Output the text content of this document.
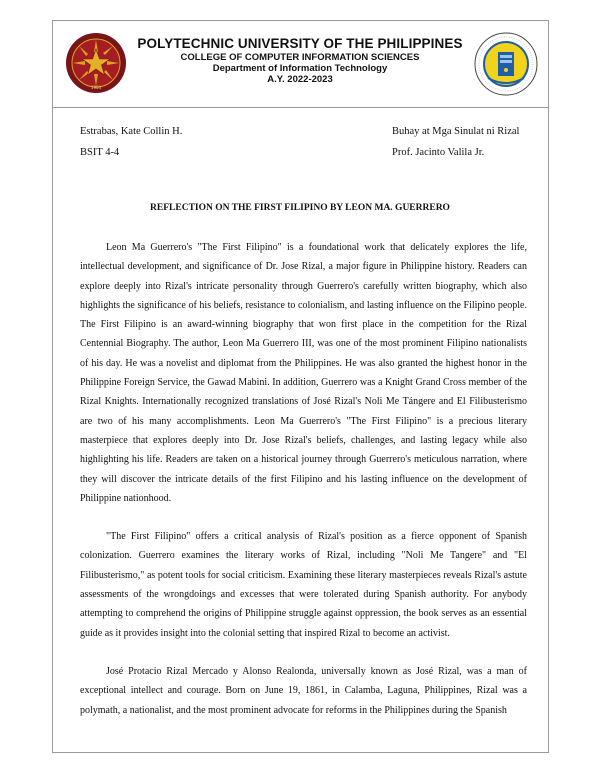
1904
POLYTECHNIC UNIVERSITY OF THE PHILIPPINES
COLLEGE OF COMPUTER INFORMATION SCIENCES
Department of Information Technology
A.Y. 2022-2023
Estrabas, Kate Collin H.
BSIT 4-4
Buhay at Mga Sinulat ni Rizal
Prof. Jacinto Valila Jr.
REFLECTION ON THE FIRST FILIPINO BY LEON MA. GUERRERO

Leon Ma Guerrero's "The First Filipino" is a foundational work that delicately explores the life, intellectual development, and significance of Dr. Jose Rizal, a major figure in Philippine history. Readers can explore deeply into Rizal's intricate personality through Guerrero's carefully written biography, which also highlights the significance of his beliefs, resistance to colonialism, and lasting influence on the Filipino people. The First Filipino is an award-winning biography that won first place in the competition for the Rizal Centennial Biography. The author, Leon Ma Guerrero III, was one of the most prominent Filipino nationalists of his day. He was a novelist and diplomat from the Philippines. He was also granted the highest honor in the Philippine Foreign Service, the Gawad Mabini. In addition, Guerrero was a Knight Grand Cross member of the Rizal Knights. Internationally recognized translations of José Rizal's Noli Me Tángere and El Filibusterismo are two of his many accomplishments. Leon Ma Guerrero's "The First Filipino" is a precious literary masterpiece that explores deeply into Dr. Jose Rizal's beliefs, challenges, and lasting legacy while also highlighting his life. Readers are taken on a historical journey through Guerrero's meticulous narration, where they will discover the intricate details of the first Filipino and his lasting influence on the development of Philippine nationhood.

"The First Filipino" offers a critical analysis of Rizal's position as a fierce opponent of Spanish colonization. Guerrero examines the literary works of Rizal, including "Noli Me Tangere" and "El Filibusterismo," as potent tools for social criticism. Examining these literary masterpieces reveals Rizal's astute assessments of the wrongdoings and excesses that were tolerated during Spanish authority. For anybody attempting to comprehend the origins of Philippine struggle against oppression, the book serves as an essential guide as it provides insight into the colonial setting that inspired Rizal to become an activist.

José Protacio Rizal Mercado y Alonso Realonda, universally known as José Rizal, was a man of exceptional intellect and courage. Born on June 19, 1861, in Calamba, Laguna, Philippines, Rizal was a polymath, a nationalist, and the most prominent advocate for reforms in the Philippines during the Spanish
